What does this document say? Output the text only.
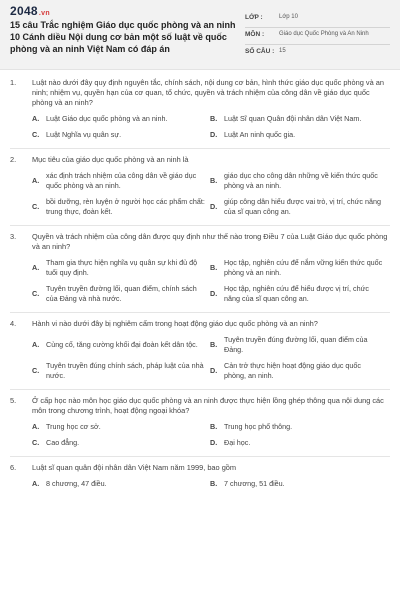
2048.vn
15 câu Trắc nghiệm Giáo dục quốc phòng và an ninh 10 Cánh diều Nội dung cơ bản một số luật về quốc phòng và an ninh Việt Nam có đáp án
LỚP :	Lớp 10
MÔN :	Giáo dục Quốc Phòng và An Ninh
SỐ CÂU : 15
1.	Luật nào dưới đây quy định nguyên tắc, chính sách, nội dung cơ bản, hình thức giáo dục quốc phòng và an ninh; nhiệm vụ, quyền hạn của cơ quan, tổ chức, quyền và trách nhiệm của công dân về giáo dục quốc phòng và an ninh?
A. Luật Giáo dục quốc phòng và an ninh.	B. Luật Sĩ quan Quân đội nhân dân Việt Nam.
C. Luật Nghĩa vụ quân sự.	D. Luật An ninh quốc gia.
2.	Mục tiêu của giáo dục quốc phòng và an ninh là
A.
xác định trách nhiệm của công dân về giáo dục quốc phòng và an ninh.
B.
giáo dục cho công dân những về kiến thức quốc phòng và an ninh.
C.
bồi dưỡng, rèn luyện ở người học các phẩm chất: trung thực, đoàn kết.
D.
giúp công dân hiểu được vai trò, vị trí, chức năng của sĩ quan công an.
3.	Quyền và trách nhiệm của công dân được quy định như thế nào trong Điều 7 của Luật Giáo dục quốc phòng và an ninh?
A.
Tham gia thực hiện nghĩa vụ quân sự khi đủ độ tuổi quy định.
B.
Học tập, nghiên cứu để nắm vững kiến thức quốc phòng và an ninh.
C.
Tuyên truyền đường lối, quan điểm, chính sách của Đảng và nhà nước.
D.
Học tập, nghiên cứu để hiểu được vị trí, chức năng của sĩ quan công an.
4.	Hành vi nào dưới đây bị nghiêm cấm trong hoạt động giáo dục quốc phòng và an ninh?
A. Củng cố, tăng cường khối đại đoàn kết dân tộc.	B.
Tuyên truyền đúng đường lối, quan điểm của Đảng.
C.
Tuyên truyền đúng chính sách, pháp luật của nhà nước.
D.
Cản trở thực hiện hoạt động giáo dục quốc phòng, an ninh.
5.	Ở cấp học nào môn học giáo dục quốc phòng và an ninh được thực hiện lồng ghép thông qua nội dung các môn trong chương trình, hoạt động ngoại khóa?
A. Trung học cơ sở.	B. Trung học phổ thông.
C. Cao đẳng.	D. Đại học.
6.	Luật sĩ quan quân đội nhân dân Việt Nam năm 1999, bao gồm
A. 8 chương, 47 điều.	B. 7 chương, 51 điều.
